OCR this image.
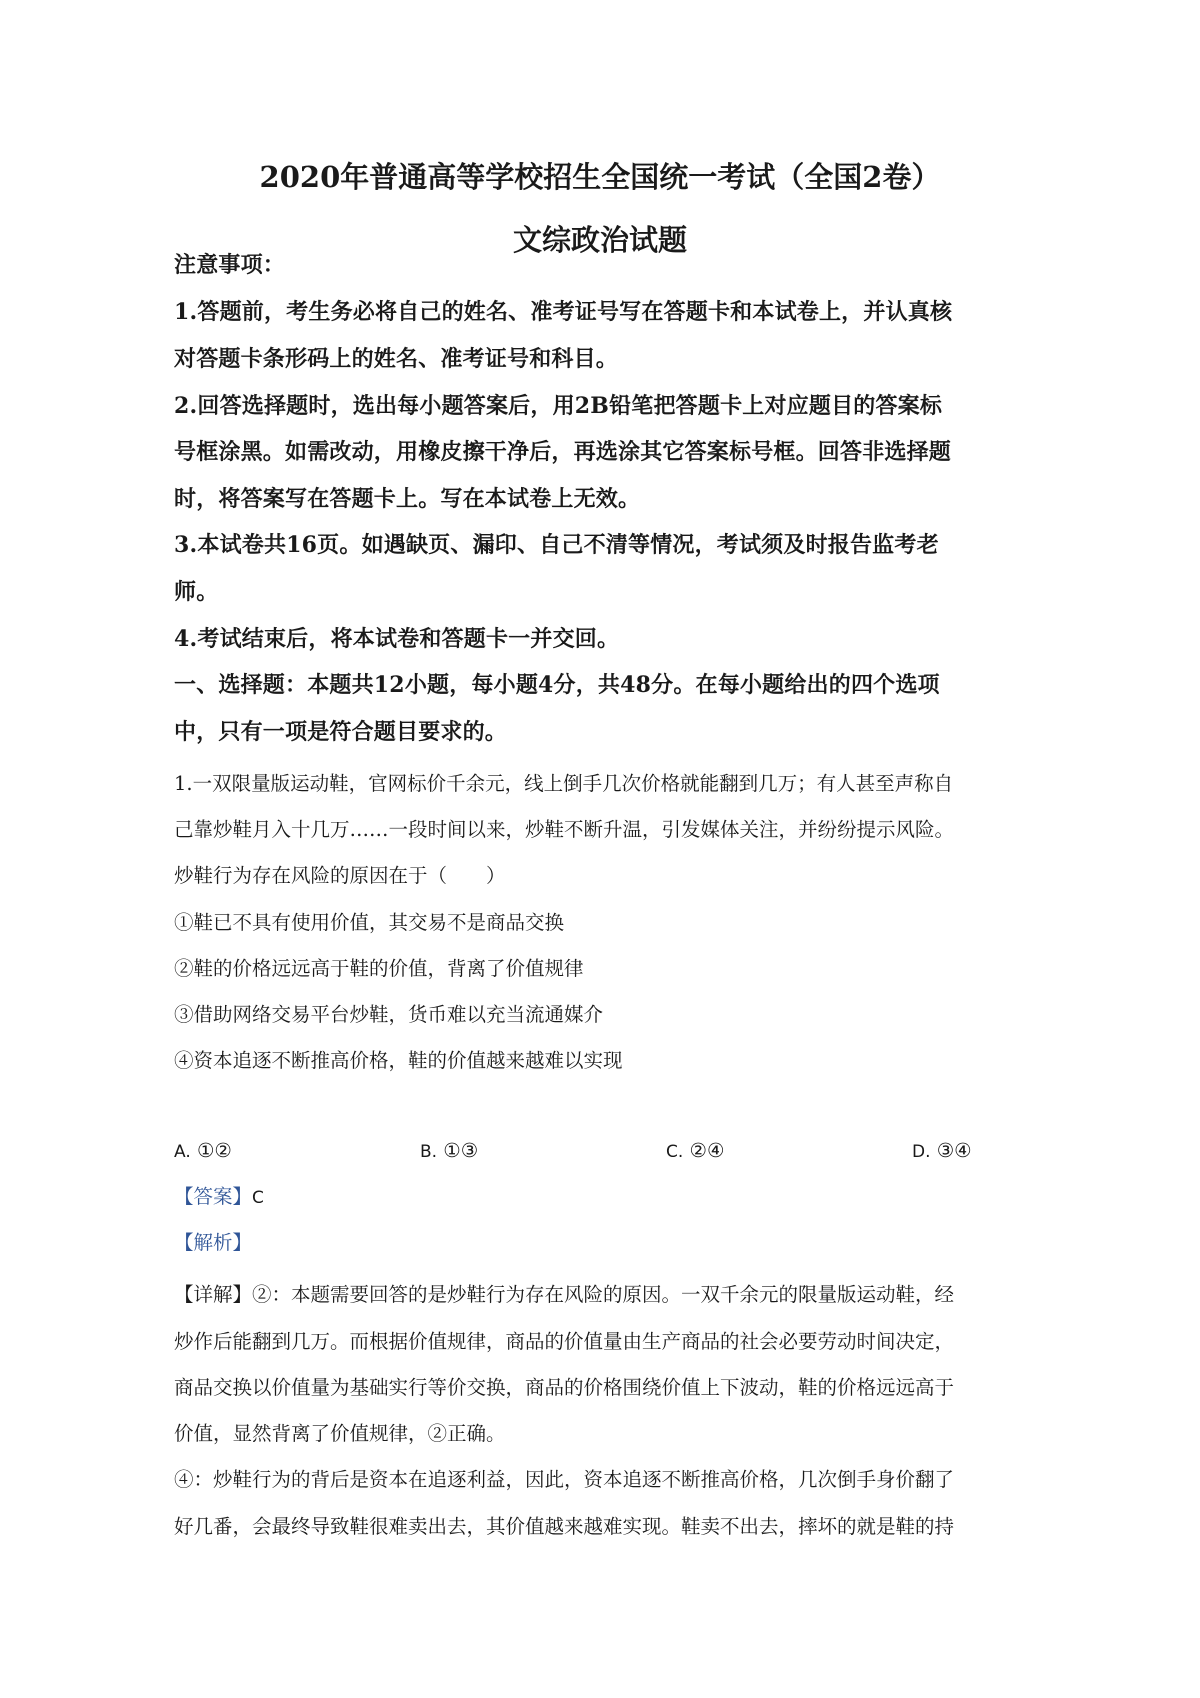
2020年普通高等学校招生全国统一考试（全国2卷）
文综政治试题

注意事项：

1.答题前，考生务必将自己的姓名、准考证号写在答题卡和本试卷上，并认真核

对答题卡条形码上的姓名、准考证号和科目。

2.回答选择题时，选出每小题答案后，用2B铅笔把答题卡上对应题目的答案标

号框涂黑。如需改动，用橡皮擦干净后，再选涂其它答案标号框。回答非选择题

时，将答案写在答题卡上。写在本试卷上无效。

3.本试卷共16页。如遇缺页、漏印、自己不清等情况，考试须及时报告监考老

师。

4.考试结束后，将本试卷和答题卡一并交回。

一、选择题：本题共12小题，每小题4分，共48分。在每小题给出的四个选项

中，只有一项是符合题目要求的。

1.一双限量版运动鞋，官网标价千余元，线上倒手几次价格就能翻到几万；有人甚至声称自

己靠炒鞋月入十几万……一段时间以来，炒鞋不断升温，引发媒体关注，并纷纷提示风险。

炒鞋行为存在风险的原因在于（　　）

①鞋已不具有使用价值，其交易不是商品交换

②鞋的价格远远高于鞋的价值，背离了价值规律

③借助网络交易平台炒鞋，货币难以充当流通媒介

④资本追逐不断推高价格，鞋的价值越来越难以实现

A. ①②	B. ①③	C. ②④	D. ③④

【答案】C

【解析】

【详解】②：本题需要回答的是炒鞋行为存在风险的原因。一双千余元的限量版运动鞋，经

炒作后能翻到几万。而根据价值规律，商品的价值量由生产商品的社会必要劳动时间决定，

商品交换以价值量为基础实行等价交换，商品的价格围绕价值上下波动，鞋的价格远远高于

价值，显然背离了价值规律，②正确。

④：炒鞋行为的背后是资本在追逐利益，因此，资本追逐不断推高价格，几次倒手身价翻了

好几番，会最终导致鞋很难卖出去，其价值越来越难实现。鞋卖不出去，摔坏的就是鞋的持
